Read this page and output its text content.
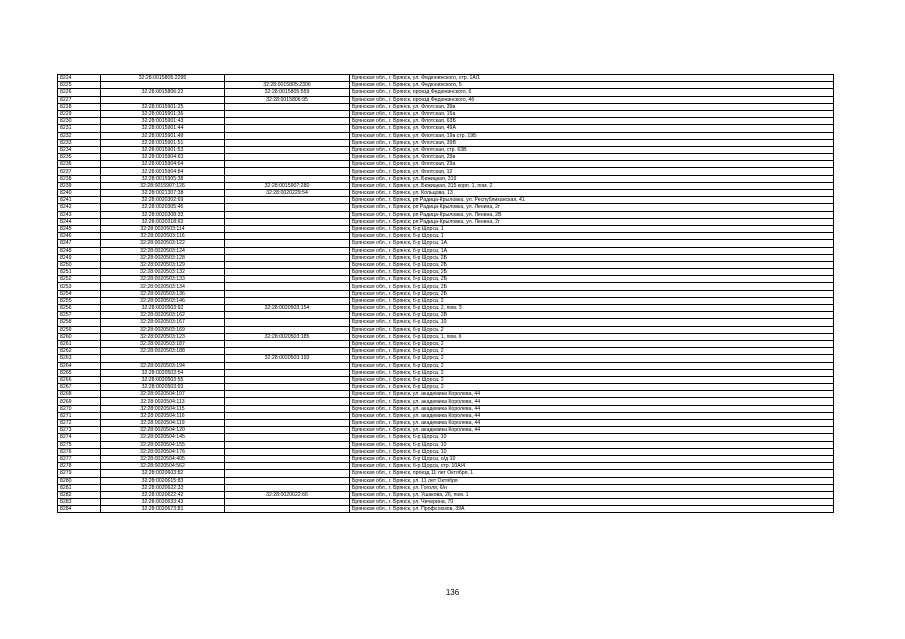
8224	32:28:0015805:2295		Брянская обл., г. Брянск, ул. Федюнинского, стр. 1А/1
8225		32:28:0015805:2306	Брянская обл., г. Брянск, ул. Федюнинского, 5
8226	32:28:0015806:22	32:28:0015805:559	Брянская обл., г. Брянск, проезд Федюнинского, 6
8227		32:28:0015806:95	Брянская обл., г. Брянск, проезд Федюнинского, 4б
8228	32:28:0015901:25		Брянская обл., г. Брянск, ул. Флотская, 39в
8229	32:28:0015901:36		Брянская обл., г. Брянск, ул. Флотская, 15а
8230	32:28:0015901:43		Брянская обл., г. Брянск, ул. Флотская, 63Б
8231	32:28:0015901:44		Брянская обл., г. Брянск, ул. Флотская, 49А
8232	32:28:0015901:49		Брянская обл., г. Брянск, ул. Флотская, 19в стр. 19Б
8233	32:28:0015901:51		Брянская обл., г. Брянск, ул. Флотская, 39В
8234	32:28:0015901:53		Брянская обл., г. Брянск, ул. Флотская, стр. 63В
8235	32:28:0015904:63		Брянская обл., г. Брянск, ул. Флотская, 29в
8236	32:28:0015904:64		Брянская обл., г. Брянск, ул. Флотская, 29а
8237	32:28:0015904:84		Брянская обл., г. Брянск, ул. Флотская, 12
8238	32:28:0015905:38		Брянская обл., г. Брянск, ул. Бежицкая, 319
8239	32:28:0015907:126	32:28:0015907:280	Брянская обл., г. Брянск, ул. Бежицкая, 315 корп. 1, пом. 2
8240	32:28:0021307:38	32:28:0020229:54	Брянская обл., г. Брянск, ул. Кольцова, 13
8241	32:28:0020302:69		Брянская обл., г. Брянск, рп Радица-Крыловка, ул. Республиканская, 41
8242	32:28:0020305:46		Брянская обл., г. Брянск, рп Радица-Крыловка, ул. Ленина, 2г
8243	32:28:0020308:33		Брянская обл., г. Брянск, рп Радица-Крыловка, ул. Ленина, 2В
8244	32:28:0020318:62		Брянская обл., г. Брянск, рп Радица-Крыловка, ул. Ленина, 2г
8245	32:28:0020503:114		Брянская обл., г. Брянск, б-р Щорса, 1
8246	32:28:0020503:116		Брянская обл., г. Брянск, б-р Щорса, 1
8247	32:28:0020503:122		Брянская обл., г. Брянск, б-р Щорса, 1А
8248	32:28:0020503:124		Брянская обл., г. Брянск, б-р Щорса, 1А
8249	32:28:0020503:128		Брянская обл., г. Брянск, б-р Щорса, 2Б
8250	32:28:0020503:129		Брянская обл., г. Брянск, б-р Щорса, 2Б
8251	32:28:0020503:132		Брянская обл., г. Брянск, б-р Щорса, 2Б
8252	32:28:0020503:133		Брянская обл., г. Брянск, б-р Щорса, 2Б
8253	32:28:0020503:134		Брянская обл., г. Брянск, б-р Щорса, 2Б
8254	32:28:0020503:136		Брянская обл., г. Брянск, б-р Щорса, 2Б
8255	32:28:0020503:146		Брянская обл., г. Брянск, б-р Щорса, 2
8256	32:28:0020503:92	32:28:0020503:154	Брянская обл., г. Брянск, б-р Щорса, 2, пом. 3
8257	32:28:0020503:162		Брянская обл., г. Брянск, б-р Щорса, 2В
8258	32:28:0020503:167		Брянская обл., г. Брянск, б-р Щорса, 10
8259	32:28:0020503:169		Брянская обл., г. Брянск, б-р Щорса, 2
8260	32:28:0020503:123	32:28:0020503:185	Брянская обл., г. Брянск, б-р Щорса, 1, пом. II
8261	32:28:0020503:187		Брянская обл., г. Брянск, б-р Щорса, 2
8262	32:28:0020503:188		Брянская обл., г. Брянск, б-р Щорса, 2
8263		32:28:0020503:193	Брянская обл., г. Брянск, б-р Щорса, 2
8264	32:28:0020503:194		Брянская обл., г. Брянск, б-р Щорса, 2
8265	32:28:0020503:54		Брянская обл., г. Брянск, б-р Щорса, 2
8266	32:28:0020503:55		Брянская обл., г. Брянск, б-р Щорса, 2
8267	32:28:0020503:93		Брянская обл., г. Брянск, б-р Щорса, 2
8268	32:28:0020504:107		Брянская обл., г. Брянск, ул. академика Королева, 44
8269	32:28:0020504:113		Брянская обл., г. Брянск, ул. академика Королева, 44
8270	32:28:0020504:115		Брянская обл., г. Брянск, ул. академика Королева, 44
8271	32:28:0020504:116		Брянская обл., г. Брянск, ул. академика Королева, 44
8272	32:28:0020504:119		Брянская обл., г. Брянск, ул. академика Королева, 44
8273	32:28:0020504:120		Брянская обл., г. Брянск, ул. академика Королева, 44
8274	32:28:0020504:145		Брянская обл., г. Брянск, б-р Щорса, 10
8275	32:28:0020504:155		Брянская обл., г. Брянск, б-р Щорса, 10
8276	32:28:0020504:176		Брянская обл., г. Брянск, б-р Щорса, 10
8277	32:28:0020504:405		Брянская обл., г. Брянск, б-р Щорса, о/д 10
8278	32:28:0020504:562		Брянская обл., г. Брянск, б-р Щорса, стр. 10А/4
8279	32:28:0020603:82		Брянская обл., г. Брянск, проезд 11 лет Октября, 1
8280	32:28:0020615:83		Брянская обл., г. Брянск, ул. 11 лет Октября
8281	32:28:0020622:33		Брянская обл., г. Брянск, ул. Гоголя, 6/н
8282	32:28:0020622:42	32:28:0020622:66	Брянская обл., г. Брянск, ул. Ушакова, 26, пом. 1
8283	32:28:0020633:43		Брянская обл., г. Брянск, ул. Чичерина, 70
8284	32:28:0020673:81		Брянская обл., г. Брянск, ул. Профсоюзов, 39А
136
